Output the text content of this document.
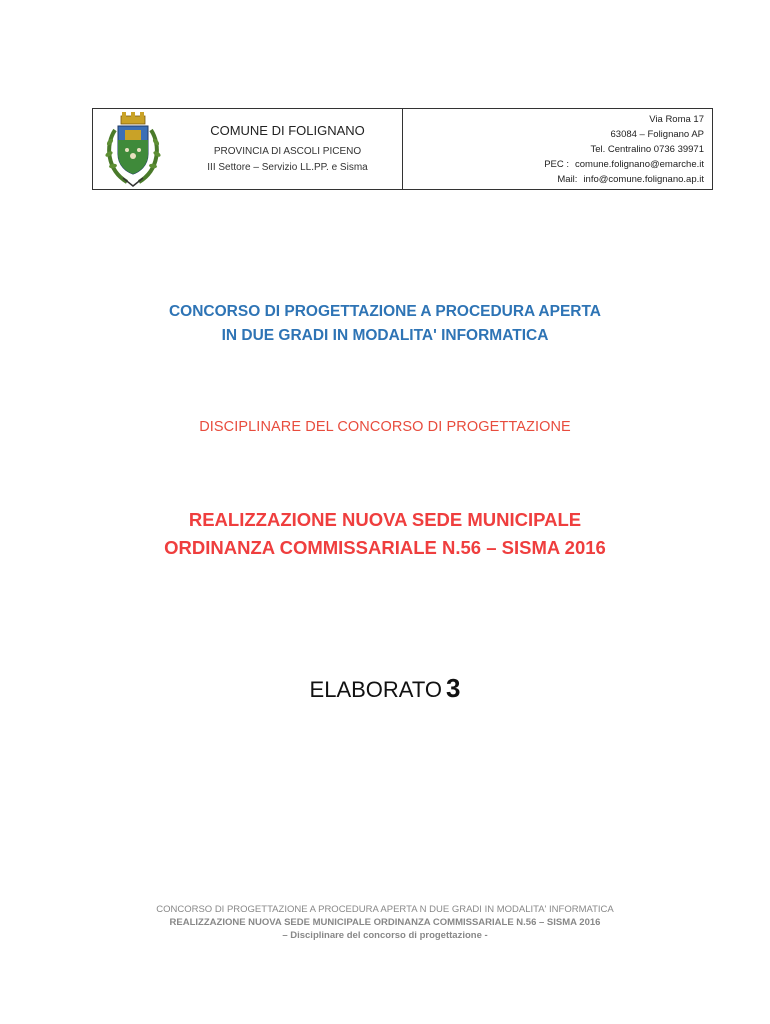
COMUNE DI FOLIGNANO
PROVINCIA DI ASCOLI PICENO
III Settore – Servizio LL.PP. e Sisma
Via Roma 17
63084 – Folignano AP
Tel. Centralino 0736 39971
PEC : comune.folignano@emarche.it
Mail: info@comune.folignano.ap.it
CONCORSO DI PROGETTAZIONE A PROCEDURA APERTA
IN DUE GRADI IN MODALITA' INFORMATICA
DISCIPLINARE DEL CONCORSO DI PROGETTAZIONE
REALIZZAZIONE NUOVA SEDE MUNICIPALE
ORDINANZA COMMISSARIALE N.56 – SISMA 2016
ELABORATO 3
CONCORSO DI PROGETTAZIONE A PROCEDURA APERTA N DUE GRADI IN MODALITA' INFORMATICA
REALIZZAZIONE NUOVA SEDE MUNICIPALE ORDINANZA COMMISSARIALE N.56 – SISMA 2016
– Disciplinare del concorso di progettazione -
